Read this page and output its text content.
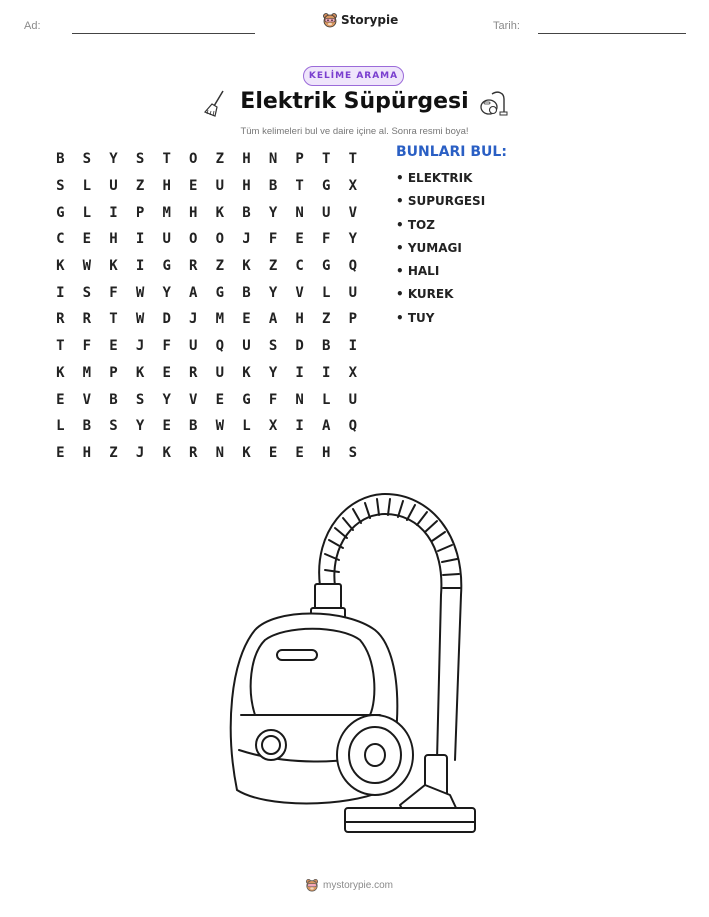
Ad:	Storypie	Tarih:
KELİME ARAMA
Elektrik Süpürgesi
Tüm kelimeleri bul ve daire içine al. Sonra resmi boya!
B	S	Y	S	T	O	Z	H	N	P	T	T
S	L	U	Z	H	E	U	H	B	T	G	X
G	L	I	P	M	H	K	B	Y	N	U	V
C	E	H	I	U	O	O	J	F	E	F	Y
K	W	K	I	G	R	Z	K	Z	C	G	Q
I	S	F	W	Y	A	G	B	Y	V	L	U
R	R	T	W	D	J	M	E	A	H	Z	P
T	F	E	J	F	U	Q	U	S	D	B	I
K	M	P	K	E	R	U	K	Y	I	I	X
E	V	B	S	Y	V	E	G	F	N	L	U
L	B	S	Y	E	B	W	L	X	I	A	Q
E	H	Z	J	K	R	N	K	E	E	H	S
BUNLARI BUL:
• ELEKTRIK
• SUPURGESI
• TOZ
• YUMAGI
• HALI
• KUREK
• TUY
mystorypie.com
